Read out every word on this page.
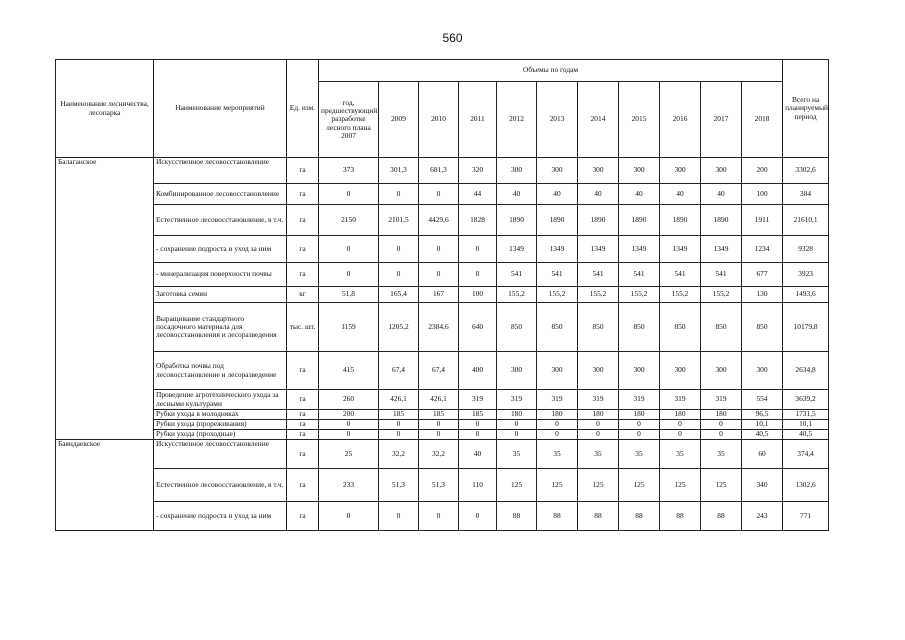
560
Наименование лесничества, лесопарка	Наименование мероприятий	Ед. изм.	Объемы по годам											Всего на планируемый период
			год, предшествующий разработке лесного плана 2007	2009	2010	2011	2012	2013	2014	2015	2016	2017	2018	
Балаганское	Искусственное лесовосстановление	га	373	301,3	681,3	320	300	300	300	300	300	300	200	3302,6
	Комбинированное лесовосстановление	га	0	0	0	44	40	40	40	40	40	40	100	384
	Естественное лесовосстановление, в т.ч.	га	2150	2101,5	4429,6	1828	1890	1890	1890	1890	1890	1890	1911	21610,1
	- сохранение подроста и уход за ним	га	0	0	0	0	1349	1349	1349	1349	1349	1349	1234	9328
	- минерализация поверхности почвы	га	0	0	0	0	541	541	541	541	541	541	677	3923
	Заготовка семян	кг	51,8	165,4	167	100	155,2	155,2	155,2	155,2	155,2	155,2	130	1493,6
	Выращивание стандартного посадочного материала для лесовосстановления и лесоразведения	тыс. шт.	1159	1205,2	2384,6	640	850	850	850	850	850	850	850	10179,8
	Обработка почвы под лесовосстановление и лесоразведение	га	415	67,4	67,4	400	300	300	300	300	300	300	300	2634,8
	Проведение агротехнического ухода за лесными культурами	га	260	426,1	426,1	319	319	319	319	319	319	319	554	3639,2
	Рубки ухода в молодняках	га	200	185	185	185	180	180	180	180	180	180	96,5	1731,5
	Рубки ухода (прореживания)	га	0	0	0	0	0	0	0	0	0	0	10,1	10,1
	Рубки ухода (проходные)	га	0	0	0	0	0	0	0	0	0	0	40,5	40,5
Баяндаевское	Искусственное лесовосстановление	га	25	32,2	32,2	40	35	35	35	35	35	35	60	374,4
	Естественное лесовосстановление, в т.ч.	га	233	51,3	51,3	110	125	125	125	125	125	125	340	1302,6
	- сохранение подроста и уход за ним	га	0	0	0	0	88	88	88	88	88	88	243	771
